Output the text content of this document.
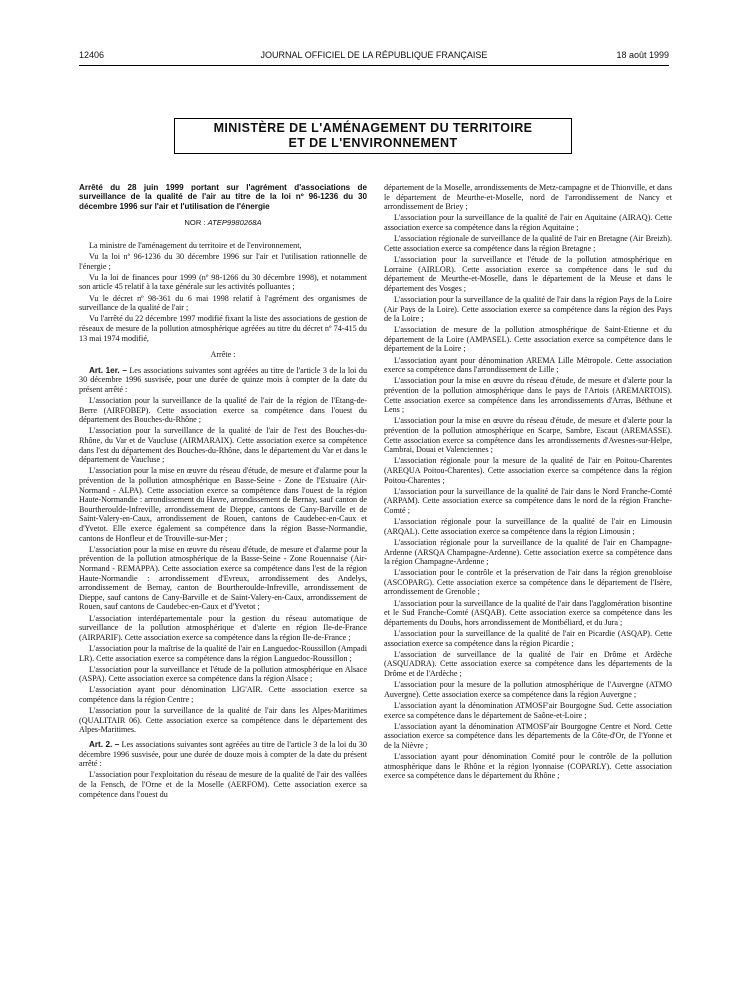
12406	JOURNAL OFFICIEL DE LA RÉPUBLIQUE FRANÇAISE	18 août 1999
MINISTÈRE DE L'AMÉNAGEMENT DU TERRITOIRE
ET DE L'ENVIRONNEMENT

Arrêté du 28 juin 1999 portant sur l'agrément d'associations de surveillance de la qualité de l'air au titre de la loi nº 96-1236 du 30 décembre 1996 sur l'air et l'utilisation de l'énergie

NOR : ATEP9980268A

La ministre de l'aménagement du territoire et de l'environnement,

Vu la loi nº 96-1236 du 30 décembre 1996 sur l'air et l'utilisation rationnelle de l'énergie ;

Vu la loi de finances pour 1999 (nº 98-1266 du 30 décembre 1998), et notamment son article 45 relatif à la taxe générale sur les activités polluantes ;

Vu le décret nº 98-361 du 6 mai 1998 relatif à l'agrément des organismes de surveillance de la qualité de l'air ;

Vu l'arrêté du 22 décembre 1997 modifié fixant la liste des associations de gestion de réseaux de mesure de la pollution atmosphérique agréées au titre du décret nº 74-415 du 13 mai 1974 modifié,

Arrête :

Art. 1er. – Les associations suivantes sont agréées au titre de l'article 3 de la loi du 30 décembre 1996 susvisée, pour une durée de quinze mois à compter de la date du présent arrêté :

L'association pour la surveillance de la qualité de l'air de la région de l'Etang-de-Berre (AIRFOBEP). Cette association exerce sa compétence dans l'ouest du département des Bouches-du-Rhône ;

L'association pour la surveillance de la qualité de l'air de l'est des Bouches-du-Rhône, du Var et de Vaucluse (AIRMARAIX). Cette association exerce sa compétence dans l'est du département des Bouches-du-Rhône, dans le département du Var et dans le département de Vaucluse ;

L'association pour la mise en œuvre du réseau d'étude, de mesure et d'alarme pour la prévention de la pollution atmosphérique en Basse-Seine - Zone de l'Estuaire (Air-Normand - ALPA). Cette association exerce sa compétence dans l'ouest de la région Haute-Normandie : arrondissement du Havre, arrondissement de Bernay, sauf canton de Bourtheroulde-Infreville, arrondissement de Dieppe, cantons de Cany-Barville et de Saint-Valery-en-Caux, arrondissement de Rouen, cantons de Caudebec-en-Caux et d'Yvetot. Elle exerce également sa compétence dans la région Basse-Normandie, cantons de Honfleur et de Trouville-sur-Mer ;

L'association pour la mise en œuvre du réseau d'étude, de mesure et d'alarme pour la prévention de la pollution atmosphérique de la Basse-Seine - Zone Rouennaise (Air-Normand - REMAPPA). Cette association exerce sa compétence dans l'est de la région Haute-Normandie : arrondissement d'Evreux, arrondissement des Andelys, arrondissement de Bernay, canton de Bourtheroulde-Infreville, arrondissement de Dieppe, sauf cantons de Cany-Barville et de Saint-Valery-en-Caux, arrondissement de Rouen, sauf cantons de Caudebec-en-Caux et d'Yvetot ;

L'association interdépartementale pour la gestion du réseau automatique de surveillance de la pollution atmosphérique et d'alerte en région Ile-de-France (AIRPARIF). Cette association exerce sa compétence dans la région Ile-de-France ;

L'association pour la maîtrise de la qualité de l'air en Languedoc-Roussillon (Ampadi LR). Cette association exerce sa compétence dans la région Languedoc-Roussillon ;

L'association pour la surveillance et l'étude de la pollution atmosphérique en Alsace (ASPA). Cette association exerce sa compétence dans la région Alsace ;

L'association ayant pour dénomination LIG'AIR. Cette association exerce sa compétence dans la région Centre ;

L'association pour la surveillance de la qualité de l'air dans les Alpes-Maritimes (QUALITAIR 06). Cette association exerce sa compétence dans le département des Alpes-Maritimes.

Art. 2. – Les associations suivantes sont agréées au titre de l'article 3 de la loi du 30 décembre 1996 susvisée, pour une durée de douze mois à compter de la date du présent arrêté :

L'association pour l'exploitation du réseau de mesure de la qualité de l'air des vallées de la Fensch, de l'Orne et de la Moselle (AERFOM). Cette association exerce sa compétence dans l'ouest du

département de la Moselle, arrondissements de Metz-campagne et de Thionville, et dans le département de Meurthe-et-Moselle, nord de l'arrondissement de Nancy et arrondissement de Briey ;

L'association pour la surveillance de la qualité de l'air en Aquitaine (AIRAQ). Cette association exerce sa compétence dans la région Aquitaine ;

L'association régionale de surveillance de la qualité de l'air en Bretagne (Air Breizh). Cette association exerce sa compétence dans la région Bretagne ;

L'association pour la surveillance et l'étude de la pollution atmosphérique en Lorraine (AIRLOR). Cette association exerce sa compétence dans le sud du département de Meurthe-et-Moselle, dans le département de la Meuse et dans le département des Vosges ;

L'association pour la surveillance de la qualité de l'air dans la région Pays de la Loire (Air Pays de la Loire). Cette association exerce sa compétence dans la région des Pays de la Loire ;

L'association de mesure de la pollution atmosphérique de Saint-Etienne et du département de la Loire (AMPASEL). Cette association exerce sa compétence dans le département de la Loire ;

L'association ayant pour dénomination AREMA Lille Métropole. Cette association exerce sa compétence dans l'arrondissement de Lille ;

L'association pour la mise en œuvre du réseau d'étude, de mesure et d'alerte pour la prévention de la pollution atmosphérique dans le pays de l'Artois (AREMARTOIS). Cette association exerce sa compétence dans les arrondissements d'Arras, Béthune et Lens ;

L'association pour la mise en œuvre du réseau d'étude, de mesure et d'alerte pour la prévention de la pollution atmosphérique en Scarpe, Sambre, Escaut (AREMASSE). Cette association exerce sa compétence dans les arrondissements d'Avesnes-sur-Helpe, Cambrai, Douai et Valenciennes ;

L'association régionale pour la mesure de la qualité de l'air en Poitou-Charentes (AREQUA Poitou-Charentes). Cette association exerce sa compétence dans la région Poitou-Charentes ;

L'association pour la surveillance de la qualité de l'air dans le Nord Franche-Comté (ARPAM). Cette association exerce sa compétence dans le nord de la région Franche-Comté ;

L'association régionale pour la surveillance de la qualité de l'air en Limousin (ARQAL). Cette association exerce sa compétence dans la région Limousin ;

L'association régionale pour la surveillance de la qualité de l'air en Champagne-Ardenne (ARSQA Champagne-Ardenne). Cette association exerce sa compétence dans la région Champagne-Ardenne ;

L'association pour le contrôle et la préservation de l'air dans la région grenobloise (ASCOPARG). Cette association exerce sa compétence dans le département de l'Isère, arrondissement de Grenoble ;

L'association pour la surveillance de la qualité de l'air dans l'agglomération bisontine et le Sud Franche-Comté (ASQAB). Cette association exerce sa compétence dans les départements du Doubs, hors arrondissement de Montbéliard, et du Jura ;

L'association pour la surveillance de la qualité de l'air en Picardie (ASQAP). Cette association exerce sa compétence dans la région Picardie ;

L'association de surveillance de la qualité de l'air en Drôme et Ardèche (ASQUADRA). Cette association exerce sa compétence dans les départements de la Drôme et de l'Ardèche ;

L'association pour la mesure de la pollution atmosphérique de l'Auvergne (ATMO Auvergne). Cette association exerce sa compétence dans la région Auvergne ;

L'association ayant la dénomination ATMOSF'air Bourgogne Sud. Cette association exerce sa compétence dans le département de Saône-et-Loire ;

L'association ayant la dénomination ATMOSF'air Bourgogne Centre et Nord. Cette association exerce sa compétence dans les départements de la Côte-d'Or, de l'Yonne et de la Nièvre ;

L'association ayant pour dénomination Comité pour le contrôle de la pollution atmosphérique dans le Rhône et la région lyonnaise (COPARLY). Cette association exerce sa compétence dans le département du Rhône ;
